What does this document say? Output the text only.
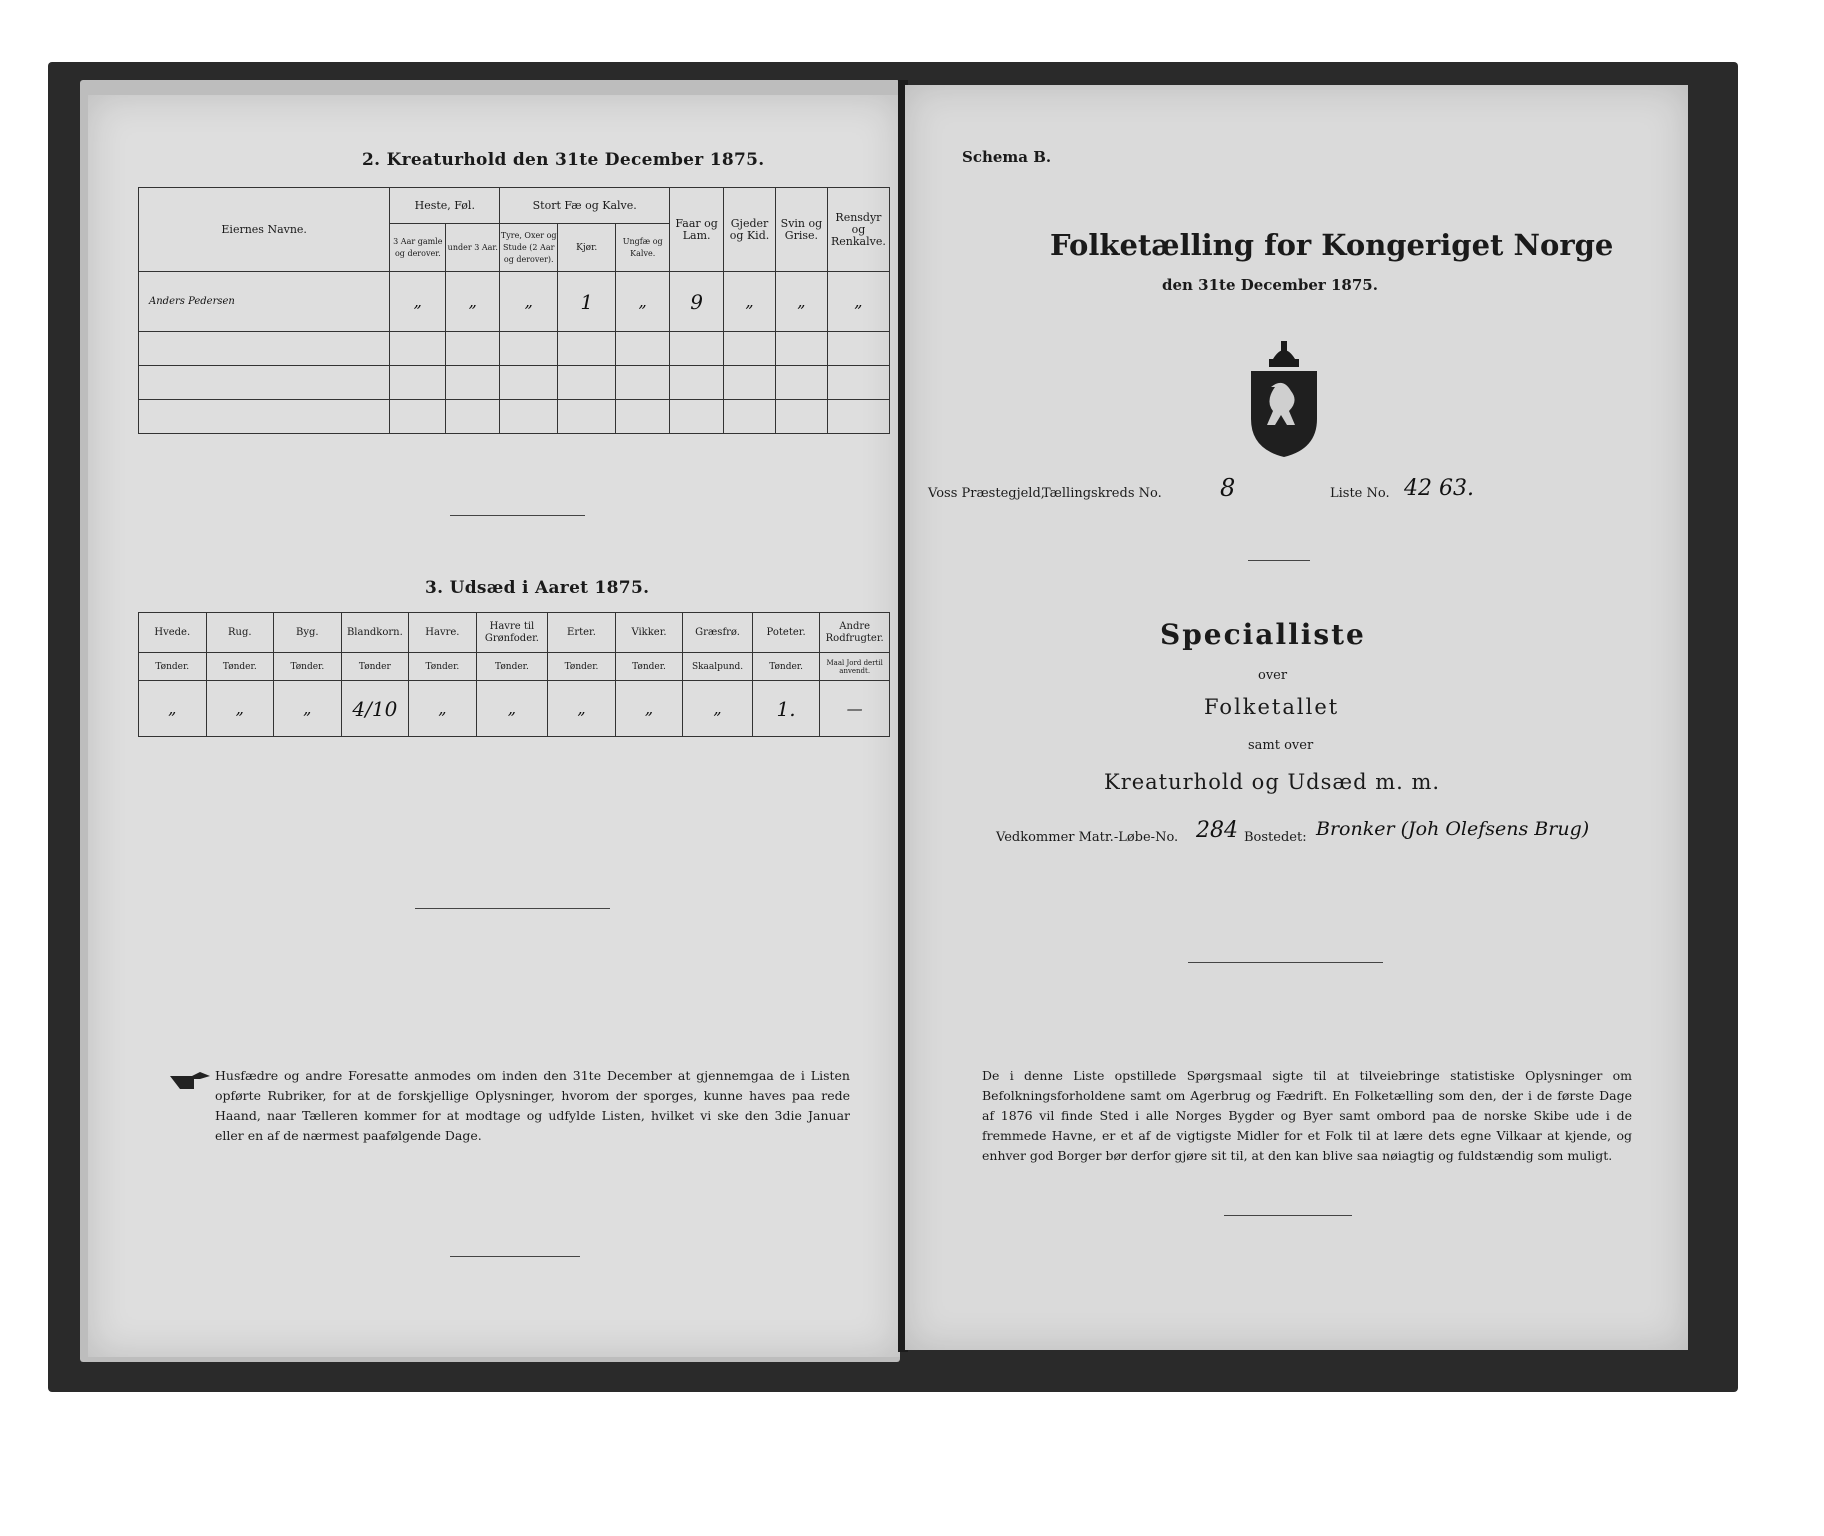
2. Kreaturhold den 31te December 1875.
Eiernes Navne.	Heste, Føl.		Stort Fæ og Kalve.			Faar og Lam.	Gjeder og Kid.	Svin og Grise.	Rensdyr og Renkalve.
	3 Aar gamle og derover.	under 3 Aar.	Tyre, Oxer og Stude (2 Aar og derover).	Kjør.	Ungfæ og Kalve.				
Anders Pedersen	„	„	„	1	„	9	„	„	„

3. Udsæd i Aaret 1875.
Hvede.	Rug.	Byg.	Blandkorn.	Havre.	Havre til Grønfoder.	Erter.	Vikker.	Græsfrø.	Poteter.	Andre Rodfrugter.
Tønder.	Tønder.	Tønder.	Tønder	Tønder.	Tønder.	Tønder.	Tønder.	Skaalpund.	Tønder.	Maal Jord dertil anvendt.
„	„	„	4/10	„	„	„	„	„	1.	—
Husfædre og andre Foresatte anmodes om inden den 31te December at gjennemgaa de i Listen opførte Rubriker, for at de forskjellige Oplysninger, hvorom der sporges, kunne haves paa rede Haand, naar Tælleren kommer for at modtage og udfylde Listen, hvilket vi ske den 3die Januar eller en af de nærmest paafølgende Dage.
Schema B.
Folketælling for Kongeriget Norge
den 31te December 1875.
Voss Præstegjeld,
Tællingskreds No. 8	Liste No. 42 63.
Specialliste
over
Folketallet
samt over
Kreaturhold og Udsæd m. m.
Vedkommer Matr.-Løbe-No. 284 Bostedet: Bronker (Joh Olefsens Brug)
De i denne Liste opstillede Spørgsmaal sigte til at tilveiebringe statistiske Oplysninger om Befolkningsforholdene samt om Agerbrug og Fædrift. En Folketælling som den, der i de første Dage af 1876 vil finde Sted i alle Norges Bygder og Byer samt ombord paa de norske Skibe ude i de fremmede Havne, er et af de vigtigste Midler for et Folk til at lære dets egne Vilkaar at kjende, og enhver god Borger bør derfor gjøre sit til, at den kan blive saa nøiagtig og fuldstændig som muligt.
